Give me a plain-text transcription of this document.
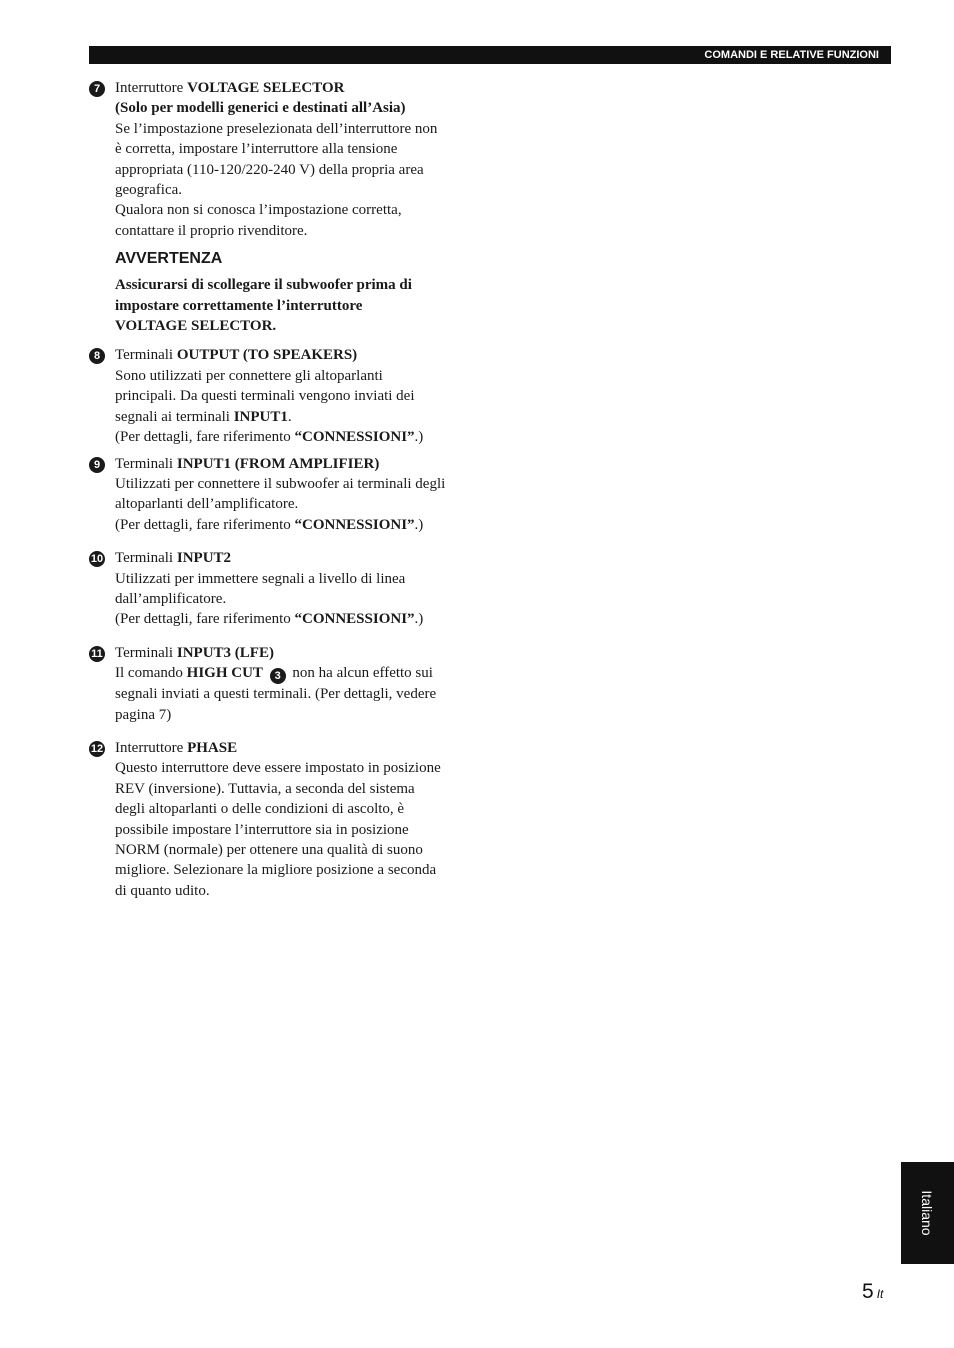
COMANDI E RELATIVE FUNZIONI
7 Interruttore VOLTAGE SELECTOR
(Solo per modelli generici e destinati all’Asia)
Se l’impostazione preselezionata dell’interruttore non
è corretta, impostare l’interruttore alla tensione
appropriata (110-120/220-240 V) della propria area
geografica.
Qualora non si conosca l’impostazione corretta,
contattare il proprio rivenditore.
AVVERTENZA
Assicurarsi di scollegare il subwoofer prima di
impostare correttamente l’interruttore
VOLTAGE SELECTOR.
8 Terminali OUTPUT (TO SPEAKERS)
Sono utilizzati per connettere gli altoparlanti
principali. Da questi terminali vengono inviati dei
segnali ai terminali INPUT1.
(Per dettagli, fare riferimento “CONNESSIONI”.)
9 Terminali INPUT1 (FROM AMPLIFIER)
Utilizzati per connettere il subwoofer ai terminali degli
altoparlanti dell’amplificatore.
(Per dettagli, fare riferimento “CONNESSIONI”.)
10 Terminali INPUT2
Utilizzati per immettere segnali a livello di linea
dall’amplificatore.
(Per dettagli, fare riferimento “CONNESSIONI”.)
11 Terminali INPUT3 (LFE)
Il comando HIGH CUT 3 non ha alcun effetto sui
segnali inviati a questi terminali. (Per dettagli, vedere
pagina 7)
12 Interruttore PHASE
Questo interruttore deve essere impostato in posizione
REV (inversione). Tuttavia, a seconda del sistema
degli altoparlanti o delle condizioni di ascolto, è
possibile impostare l’interruttore sia in posizione
NORM (normale) per ottenere una qualità di suono
migliore. Selezionare la migliore posizione a seconda
di quanto udito.
Italiano
5 It
